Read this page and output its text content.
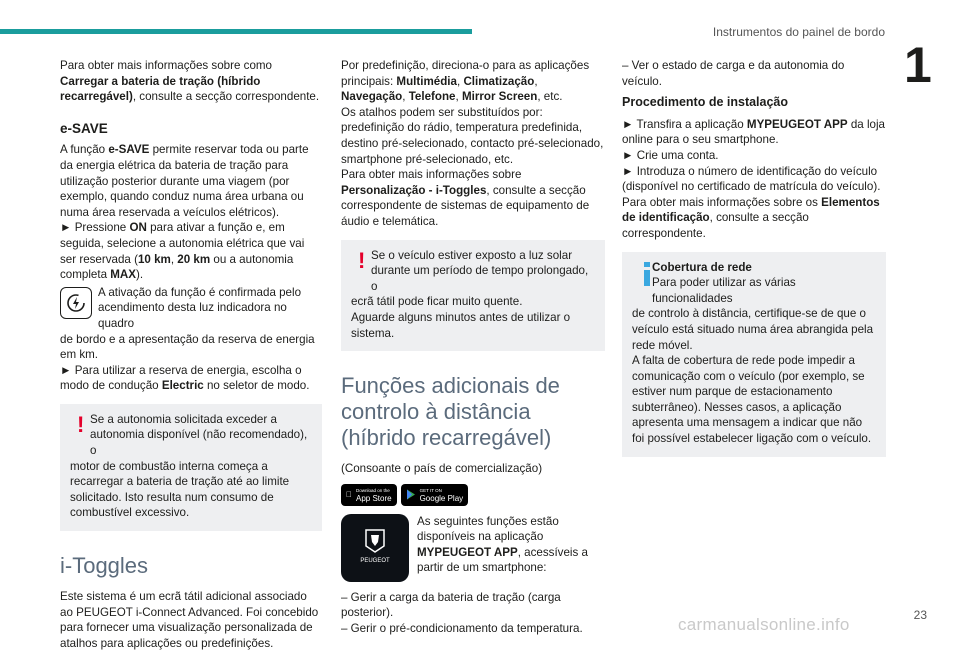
Instrumentos do painel de bordo
1

Para obter mais informações sobre como Carregar a bateria de tração (híbrido recarregável), consulte a secção correspondente.

e-SAVE

A função e-SAVE permite reservar toda ou parte da energia elétrica da bateria de tração para utilização posterior durante uma viagem (por exemplo, quando conduz numa área urbana ou numa área reservada a veículos elétricos).

► Pressione ON para ativar a função e, em seguida, selecione a autonomia elétrica que vai ser reservada (10 km, 20 km ou a autonomia completa MAX).

A ativação da função é confirmada pelo acendimento desta luz indicadora no quadro

de bordo e a apresentação da reserva de energia em km.

► Para utilizar a reserva de energia, escolha o modo de condução Electric no seletor de modo.

! Se a autonomia solicitada exceder a autonomia disponível (não recomendado), o

motor de combustão interna começa a recarregar a bateria de tração até ao limite solicitado. Isto resulta num consumo de combustível excessivo.

i-Toggles

Este sistema é um ecrã tátil adicional associado ao PEUGEOT i-Connect Advanced. Foi concebido para fornecer uma visualização personalizada de atalhos para aplicações ou predefinições.

Por predefinição, direciona-o para as aplicações principais: Multimédia, Climatização, Navegação, Telefone, Mirror Screen, etc.

Os atalhos podem ser substituídos por: predefinição do rádio, temperatura predefinida, destino pré-selecionado, contacto pré-selecionado, smartphone pré-selecionado, etc.

Para obter mais informações sobre Personalização - i-Toggles, consulte a secção correspondente de sistemas de equipamento de áudio e telemática.

! Se o veículo estiver exposto a luz solar durante um período de tempo prolongado, o

ecrã tátil pode ficar muito quente.

Aguarde alguns minutos antes de utilizar o sistema.

Funções adicionais de controlo à distância (híbrido recarregável)

(Consoante o país de comercialização)

Download on the
App Store
GET IT ON
Google Play
PEUGEOT

As seguintes funções estão disponíveis na aplicação MYPEUGEOT APP, acessíveis a partir de um smartphone:

– Gerir a carga da bateria de tração (carga posterior).

– Gerir o pré-condicionamento da temperatura.

– Ver o estado de carga e da autonomia do veículo.

Procedimento de instalação

► Transfira a aplicação MYPEUGEOT APP da loja online para o seu smartphone.

► Crie uma conta.

► Introduza o número de identificação do veículo (disponível no certificado de matrícula do veículo).

Para obter mais informações sobre os Elementos de identificação, consulte a secção correspondente.

Cobertura de rede

Para poder utilizar as várias funcionalidades

de controlo à distância, certifique-se de que o veículo está situado numa área abrangida pela rede móvel.

A falta de cobertura de rede pode impedir a comunicação com o veículo (por exemplo, se estiver num parque de estacionamento subterrâneo). Nesses casos, a aplicação apresenta uma mensagem a indicar que não foi possível estabelecer ligação com o veículo.

23
carmanualsonline.info
